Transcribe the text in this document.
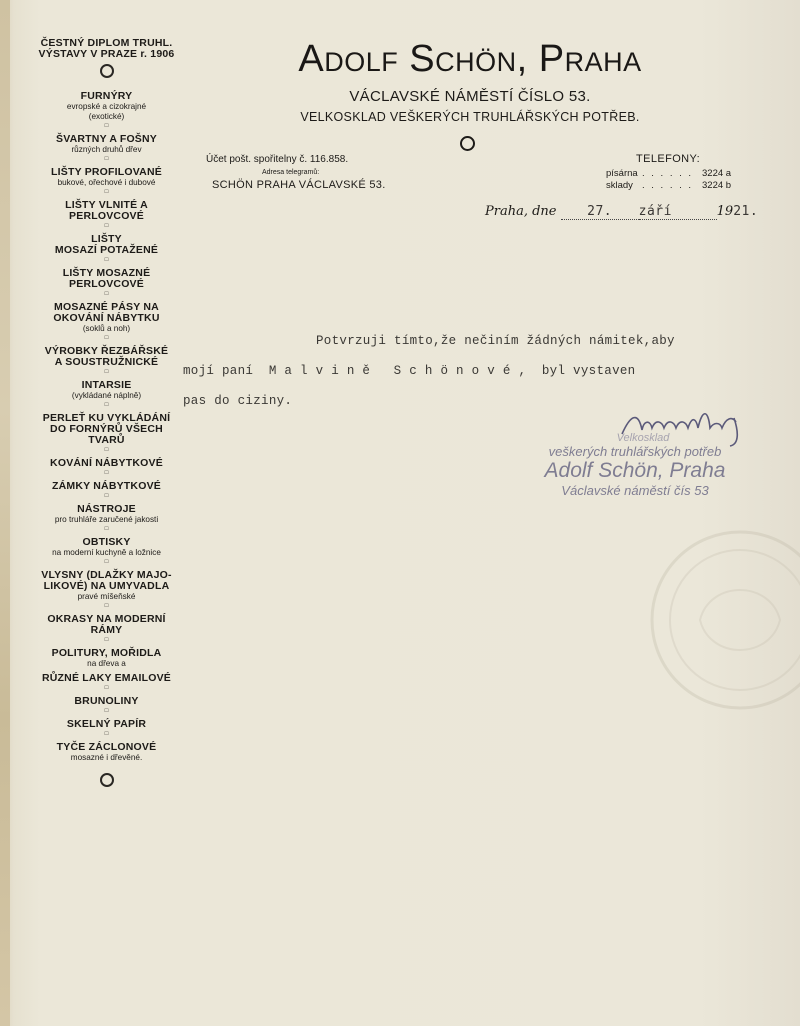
ČESTNÝ DIPLOM TRUHL.
VÝSTAVY V PRAZE r. 1906
FURNÝRY
evropské a cizokrajné
(exotické)
□
ŠVARTNY A FOŠNY
různých druhů dřev
□
LIŠTY PROFILOVANÉ
bukové, ořechové i dubové
□
LIŠTY VLNITÉ A
PERLOVCOVÉ
□
LIŠTY
MOSAZÍ POTAŽENÉ
□
LIŠTY MOSAZNÉ
PERLOVCOVÉ
□
MOSAZNÉ PÁSY NA
OKOVÁNÍ NÁBYTKU
(soklů a noh)
□
VÝROBKY ŘEZBÁŘSKÉ
A SOUSTRUŽNICKÉ
□
INTARSIE
(vykládané náplně)
□
PERLEŤ KU VYKLÁDÁNÍ
DO FORNÝRŮ VŠECH
TVARŮ
□
KOVÁNÍ NÁBYTKOVÉ
□
ZÁMKY NÁBYTKOVÉ
□
NÁSTROJE
pro truhláře zaručené jakosti
□
OBTISKY
na moderní kuchyně a ložnice
□
VLYSNY (DLAŽKY MAJO-
LIKOVÉ) NA UMYVADLA
pravé míšeňské
□
OKRASY NA MODERNÍ
RÁMY
□
POLITURY, MOŘIDLA
na dřeva a
RŮZNÉ LAKY EMAILOVÉ
□
BRUNOLINY
□
SKELNÝ PAPÍR
□
TYČE ZÁCLONOVÉ
mosazné i dřevěné.
Adolf Schön, Praha
VÁCLAVSKÉ NÁMĚSTÍ ČÍSLO 53.
VELKOSKLAD VEŠKERÝCH TRUHLÁŘSKÝCH POTŘEB.
Účet pošt. spořitelny č. 116.858.
Adresa telegramů:
SCHÖN PRAHA VÁCLAVSKÉ 53.
TELEFONY:
písárna . . . . . . 3224 a
sklady . . . . . . 3224 b
Praha, dne 27. září	1921.
Potvrzuji tímto,že nečiním žádných námitek,aby
mojí paní  M a l v i n ě   S c h ö n o v é ,  byl vystaven
pas do ciziny.
Velkosklad
veškerých truhlářských potřeb
Adolf Schön, Praha
Václavské náměstí čís 53
